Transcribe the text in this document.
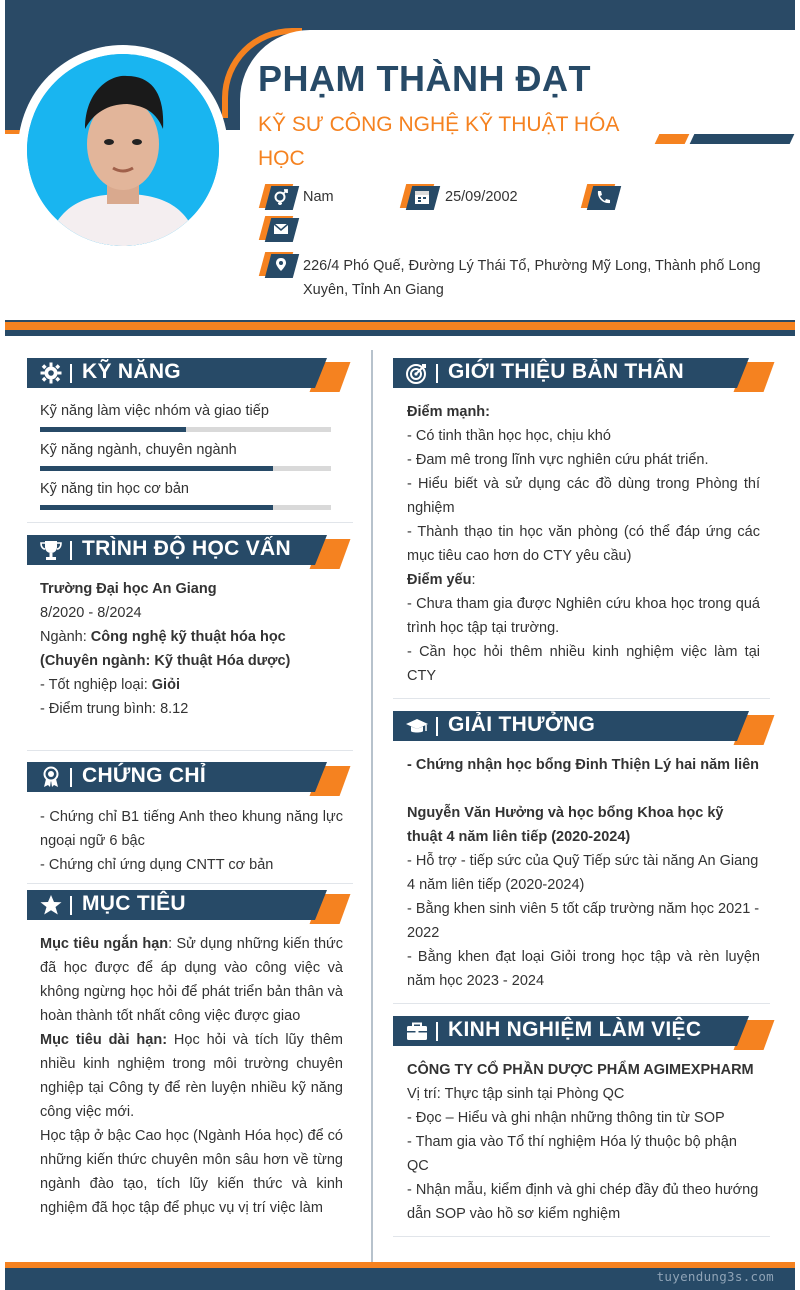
PHẠM THÀNH ĐẠT
KỸ SƯ CÔNG NGHỆ KỸ THUẬT HÓA HỌC
Nam	25/09/2002
226/4 Phó Quế, Đường Lý Thái Tổ, Phường Mỹ Long, Thành phố Long Xuyên, Tỉnh An Giang
KỸ NĂNG
Kỹ năng làm việc nhóm và giao tiếp
Kỹ năng ngành, chuyên ngành
Kỹ năng tin học cơ bản
TRÌNH ĐỘ HỌC VẤN
Trường Đại học An Giang
8/2020 - 8/2024
Ngành: Công nghệ kỹ thuật hóa học (Chuyên ngành: Kỹ thuật Hóa dược)
- Tốt nghiệp loại: Giỏi
- Điểm trung bình: 8.12
CHỨNG CHỈ
- Chứng chỉ B1 tiếng Anh theo khung năng lực ngoại ngữ 6 bậc
- Chứng chỉ ứng dụng CNTT cơ bản
MỤC TIÊU
Mục tiêu ngắn hạn: Sử dụng những kiến thức đã học được để áp dụng vào công việc và không ngừng học hỏi để phát triển bản thân và hoàn thành tốt nhất công việc được giao
Mục tiêu dài hạn: Học hỏi và tích lũy thêm nhiều kinh nghiệm trong môi trường chuyên nghiệp tại Công ty để rèn luyện nhiều kỹ năng công việc mới.
Học tập ở bậc Cao học (Ngành Hóa học) để có những kiến thức chuyên môn sâu hơn về từng ngành đào tạo, tích lũy kiến thức và kinh nghiệm đã học tập để phục vụ vị trí việc làm
GIỚI THIỆU BẢN THÂN
Điểm mạnh:
- Có tinh thần học học, chịu khó
- Đam mê trong lĩnh vực nghiên cứu phát triển.
- Hiểu biết và sử dụng các đồ dùng trong Phòng thí nghiệm
- Thành thạo tin học văn phòng (có thể đáp ứng các mục tiêu cao hơn do CTY yêu cầu)
Điểm yếu:
- Chưa tham gia được Nghiên cứu khoa học trong quá trình học tập tại trường.
- Cần học hỏi thêm nhiều kinh nghiệm việc làm tại CTY
GIẢI THƯỞNG
- Chứng nhận học bổng Đinh Thiện Lý hai năm liên
Nguyễn Văn Hưởng và học bổng Khoa học kỹ thuật 4 năm liên tiếp (2020-2024)
- Hỗ trợ - tiếp sức của Quỹ Tiếp sức tài năng An Giang 4 năm liên tiếp (2020-2024)
- Bằng khen sinh viên 5 tốt cấp trường năm học 2021 - 2022
- Bằng khen đạt loại Giỏi trong học tập và rèn luyện năm học 2023 - 2024
KINH NGHIỆM LÀM VIỆC
CÔNG TY CỔ PHẦN DƯỢC PHẨM AGIMEXPHARM
Vị trí: Thực tập sinh tại Phòng QC
- Đọc – Hiểu và ghi nhận những thông tin từ SOP
- Tham gia vào Tổ thí nghiệm Hóa lý thuộc bộ phận QC
- Nhận mẫu, kiểm định và ghi chép đầy đủ theo hướng dẫn SOP vào hồ sơ kiểm nghiệm
tuyendung3s.com
